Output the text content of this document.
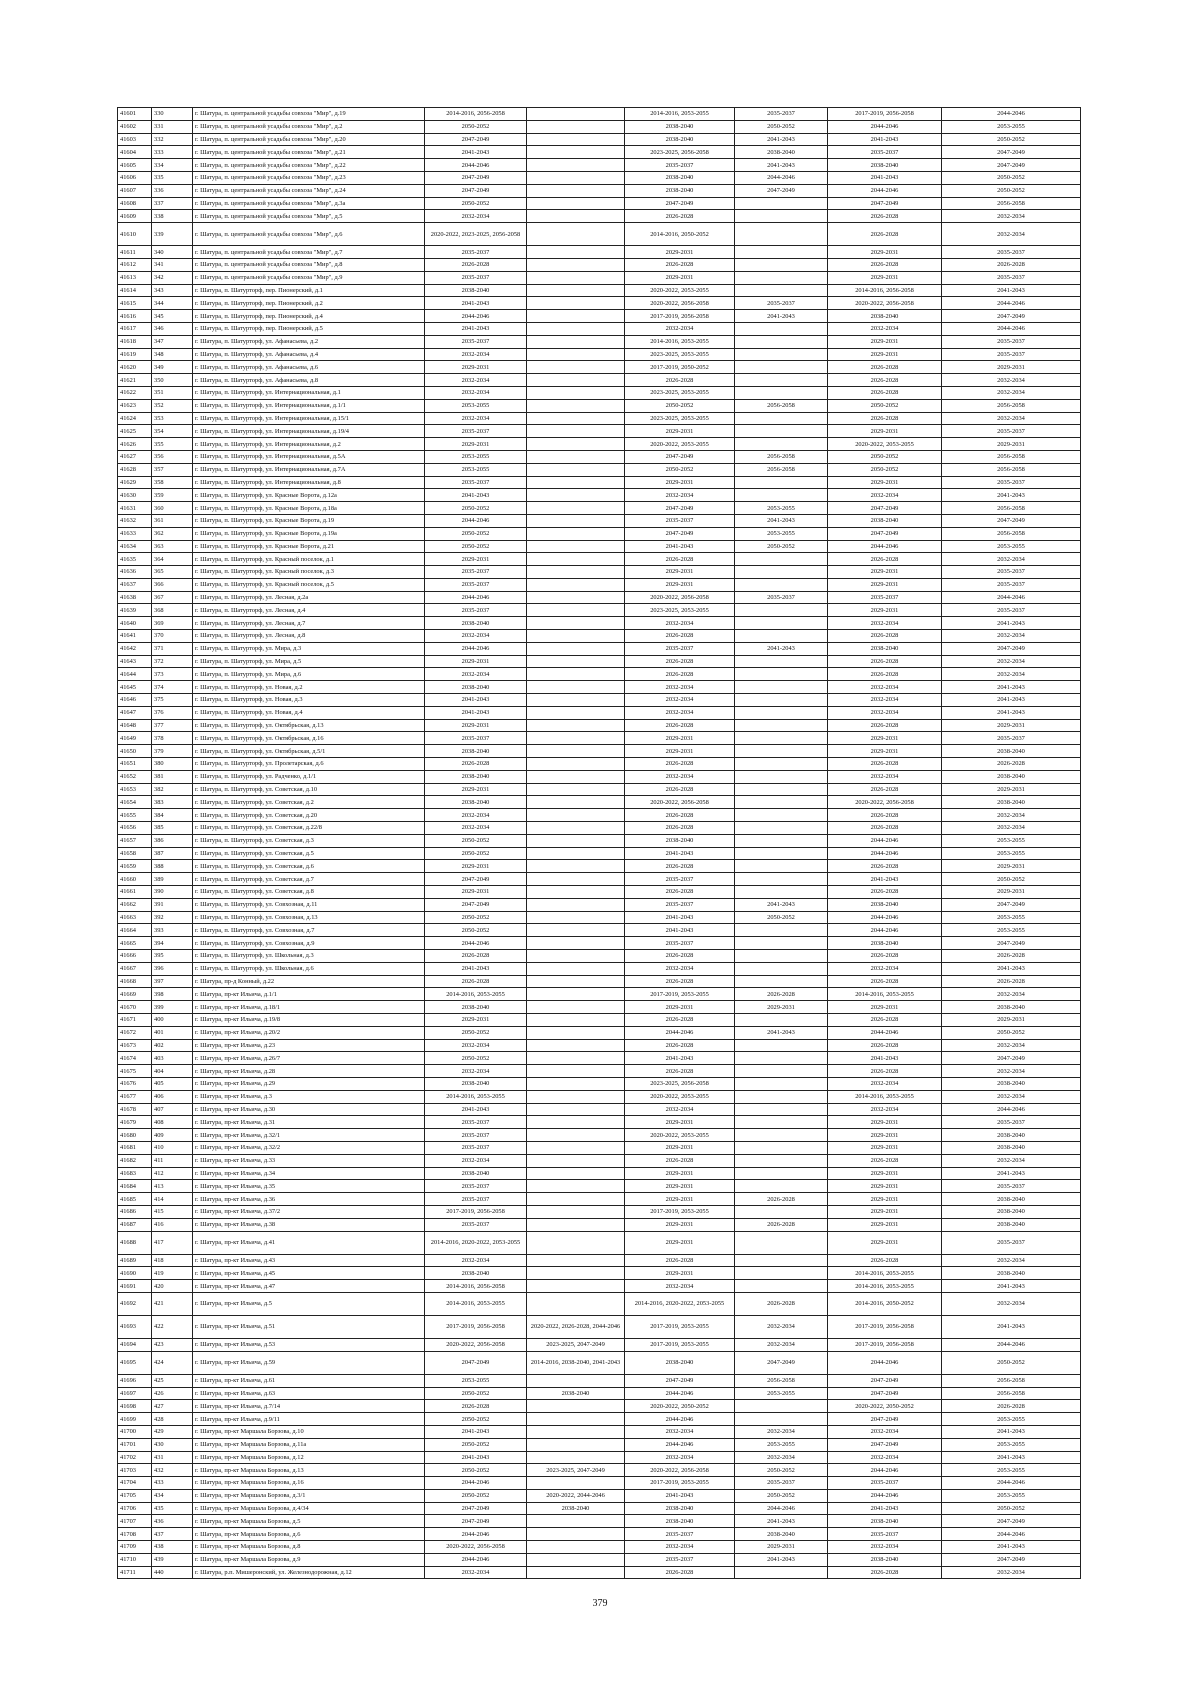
41601	330	г. Шатура, п. центральной усадьбы совхоза "Мир", д.19	2014-2016, 2056-2058		2014-2016, 2053-2055	2035-2037	2017-2019, 2056-2058	2044-2046
41602	331	г. Шатура, п. центральной усадьбы совхоза "Мир", д.2	2050-2052		2038-2040	2050-2052	2044-2046	2053-2055
41603	332	г. Шатура, п. центральной усадьбы совхоза "Мир", д.20	2047-2049		2038-2040	2041-2043	2041-2043	2050-2052
41604	333	г. Шатура, п. центральной усадьбы совхоза "Мир", д.21	2041-2043		2023-2025, 2056-2058	2038-2040	2035-2037	2047-2049
41605	334	г. Шатура, п. центральной усадьбы совхоза "Мир", д.22	2044-2046		2035-2037	2041-2043	2038-2040	2047-2049
41606	335	г. Шатура, п. центральной усадьбы совхоза "Мир", д.23	2047-2049		2038-2040	2044-2046	2041-2043	2050-2052
41607	336	г. Шатура, п. центральной усадьбы совхоза "Мир", д.24	2047-2049		2038-2040	2047-2049	2044-2046	2050-2052
41608	337	г. Шатура, п. центральной усадьбы совхоза "Мир", д.3а	2050-2052		2047-2049		2047-2049	2056-2058
41609	338	г. Шатура, п. центральной усадьбы совхоза "Мир", д.5	2032-2034		2026-2028		2026-2028	2032-2034
41610	339	г. Шатура, п. центральной усадьбы совхоза "Мир", д.6	2020-2022, 2023-2025, 2056-2058		2014-2016, 2050-2052		2026-2028	2032-2034
41611	340	г. Шатура, п. центральной усадьбы совхоза "Мир", д.7	2035-2037		2029-2031		2029-2031	2035-2037
41612	341	г. Шатура, п. центральной усадьбы совхоза "Мир", д.8	2026-2028		2026-2028		2026-2028	2026-2028
41613	342	г. Шатура, п. центральной усадьбы совхоза "Мир", д.9	2035-2037		2029-2031		2029-2031	2035-2037
41614	343	г. Шатура, п. Шатурторф, пер. Пионерский, д.1	2038-2040		2020-2022, 2053-2055		2014-2016, 2056-2058	2041-2043
41615	344	г. Шатура, п. Шатурторф, пер. Пионерский, д.2	2041-2043		2020-2022, 2056-2058	2035-2037	2020-2022, 2056-2058	2044-2046
41616	345	г. Шатура, п. Шатурторф, пер. Пионерский, д.4	2044-2046		2017-2019, 2056-2058	2041-2043	2038-2040	2047-2049
41617	346	г. Шатура, п. Шатурторф, пер. Пионерский, д.5	2041-2043		2032-2034		2032-2034	2044-2046
41618	347	г. Шатура, п. Шатурторф, ул. Афанасьева, д.2	2035-2037		2014-2016, 2053-2055		2029-2031	2035-2037
41619	348	г. Шатура, п. Шатурторф, ул. Афанасьева, д.4	2032-2034		2023-2025, 2053-2055		2029-2031	2035-2037
41620	349	г. Шатура, п. Шатурторф, ул. Афанасьева, д.6	2029-2031		2017-2019, 2050-2052		2026-2028	2029-2031
41621	350	г. Шатура, п. Шатурторф, ул. Афанасьева, д.8	2032-2034		2026-2028		2026-2028	2032-2034
41622	351	г. Шатура, п. Шатурторф, ул. Интернациональная, д.1	2032-2034		2023-2025, 2053-2055		2026-2028	2032-2034
41623	352	г. Шатура, п. Шатурторф, ул. Интернациональная, д.1/1	2053-2055		2050-2052	2056-2058	2050-2052	2056-2058
41624	353	г. Шатура, п. Шатурторф, ул. Интернациональная, д.15/1	2032-2034		2023-2025, 2053-2055		2026-2028	2032-2034
41625	354	г. Шатура, п. Шатурторф, ул. Интернациональная, д.19/4	2035-2037		2029-2031		2029-2031	2035-2037
41626	355	г. Шатура, п. Шатурторф, ул. Интернациональная, д.2	2029-2031		2020-2022, 2053-2055		2020-2022, 2053-2055	2029-2031
41627	356	г. Шатура, п. Шатурторф, ул. Интернациональная, д.5А	2053-2055		2047-2049	2056-2058	2050-2052	2056-2058
41628	357	г. Шатура, п. Шатурторф, ул. Интернациональная, д.7А	2053-2055		2050-2052	2056-2058	2050-2052	2056-2058
41629	358	г. Шатура, п. Шатурторф, ул. Интернациональная, д.8	2035-2037		2029-2031		2029-2031	2035-2037
41630	359	г. Шатура, п. Шатурторф, ул. Красные Ворота, д.12а	2041-2043		2032-2034		2032-2034	2041-2043
41631	360	г. Шатура, п. Шатурторф, ул. Красные Ворота, д.18а	2050-2052		2047-2049	2053-2055	2047-2049	2056-2058
41632	361	г. Шатура, п. Шатурторф, ул. Красные Ворота, д.19	2044-2046		2035-2037	2041-2043	2038-2040	2047-2049
41633	362	г. Шатура, п. Шатурторф, ул. Красные Ворота, д.19а	2050-2052		2047-2049	2053-2055	2047-2049	2056-2058
41634	363	г. Шатура, п. Шатурторф, ул. Красные Ворота, д.21	2050-2052		2041-2043	2050-2052	2044-2046	2053-2055
41635	364	г. Шатура, п. Шатурторф, ул. Красный поселок, д.1	2029-2031		2026-2028		2026-2028	2032-2034
41636	365	г. Шатура, п. Шатурторф, ул. Красный поселок, д.3	2035-2037		2029-2031		2029-2031	2035-2037
41637	366	г. Шатура, п. Шатурторф, ул. Красный поселок, д.5	2035-2037		2029-2031		2029-2031	2035-2037
41638	367	г. Шатура, п. Шатурторф, ул. Лесная, д.2а	2044-2046		2020-2022, 2056-2058	2035-2037	2035-2037	2044-2046
41639	368	г. Шатура, п. Шатурторф, ул. Лесная, д.4	2035-2037		2023-2025, 2053-2055		2029-2031	2035-2037
41640	369	г. Шатура, п. Шатурторф, ул. Лесная, д.7	2038-2040		2032-2034		2032-2034	2041-2043
41641	370	г. Шатура, п. Шатурторф, ул. Лесная, д.8	2032-2034		2026-2028		2026-2028	2032-2034
41642	371	г. Шатура, п. Шатурторф, ул. Мира, д.3	2044-2046		2035-2037	2041-2043	2038-2040	2047-2049
41643	372	г. Шатура, п. Шатурторф, ул. Мира, д.5	2029-2031		2026-2028		2026-2028	2032-2034
41644	373	г. Шатура, п. Шатурторф, ул. Мира, д.6	2032-2034		2026-2028		2026-2028	2032-2034
41645	374	г. Шатура, п. Шатурторф, ул. Новая, д.2	2038-2040		2032-2034		2032-2034	2041-2043
41646	375	г. Шатура, п. Шатурторф, ул. Новая, д.3	2041-2043		2032-2034		2032-2034	2041-2043
41647	376	г. Шатура, п. Шатурторф, ул. Новая, д.4	2041-2043		2032-2034		2032-2034	2041-2043
41648	377	г. Шатура, п. Шатурторф, ул. Октябрьская, д.13	2029-2031		2026-2028		2026-2028	2029-2031
41649	378	г. Шатура, п. Шатурторф, ул. Октябрьская, д.16	2035-2037		2029-2031		2029-2031	2035-2037
41650	379	г. Шатура, п. Шатурторф, ул. Октябрьская, д.5/1	2038-2040		2029-2031		2029-2031	2038-2040
41651	380	г. Шатура, п. Шатурторф, ул. Пролетарская, д.6	2026-2028		2026-2028		2026-2028	2026-2028
41652	381	г. Шатура, п. Шатурторф, ул. Радченко, д.1/1	2038-2040		2032-2034		2032-2034	2038-2040
41653	382	г. Шатура, п. Шатурторф, ул. Советская, д.10	2029-2031		2026-2028		2026-2028	2029-2031
41654	383	г. Шатура, п. Шатурторф, ул. Советская, д.2	2038-2040		2020-2022, 2056-2058		2020-2022, 2056-2058	2038-2040
41655	384	г. Шатура, п. Шатурторф, ул. Советская, д.20	2032-2034		2026-2028		2026-2028	2032-2034
41656	385	г. Шатура, п. Шатурторф, ул. Советская, д.22/8	2032-2034		2026-2028		2026-2028	2032-2034
41657	386	г. Шатура, п. Шатурторф, ул. Советская, д.3	2050-2052		2038-2040		2044-2046	2053-2055
41658	387	г. Шатура, п. Шатурторф, ул. Советская, д.5	2050-2052		2041-2043		2044-2046	2053-2055
41659	388	г. Шатура, п. Шатурторф, ул. Советская, д.6	2029-2031		2026-2028		2026-2028	2029-2031
41660	389	г. Шатура, п. Шатурторф, ул. Советская, д.7	2047-2049		2035-2037		2041-2043	2050-2052
41661	390	г. Шатура, п. Шатурторф, ул. Советская, д.8	2029-2031		2026-2028		2026-2028	2029-2031
41662	391	г. Шатура, п. Шатурторф, ул. Совхозная, д.11	2047-2049		2035-2037	2041-2043	2038-2040	2047-2049
41663	392	г. Шатура, п. Шатурторф, ул. Совхозная, д.13	2050-2052		2041-2043	2050-2052	2044-2046	2053-2055
41664	393	г. Шатура, п. Шатурторф, ул. Совхозная, д.7	2050-2052		2041-2043		2044-2046	2053-2055
41665	394	г. Шатура, п. Шатурторф, ул. Совхозная, д.9	2044-2046		2035-2037		2038-2040	2047-2049
41666	395	г. Шатура, п. Шатурторф, ул. Школьная, д.3	2026-2028		2026-2028		2026-2028	2026-2028
41667	396	г. Шатура, п. Шатурторф, ул. Школьная, д.6	2041-2043		2032-2034		2032-2034	2041-2043
41668	397	г. Шатура, пр-д Конный, д.22	2026-2028		2026-2028		2026-2028	2026-2028
41669	398	г. Шатура, пр-кт Ильича, д.1/1	2014-2016, 2053-2055		2017-2019, 2053-2055	2026-2028	2014-2016, 2053-2055	2032-2034
41670	399	г. Шатура, пр-кт Ильича, д.18/1	2038-2040		2029-2031	2029-2031	2029-2031	2038-2040
41671	400	г. Шатура, пр-кт Ильича, д.19/8	2029-2031		2026-2028		2026-2028	2029-2031
41672	401	г. Шатура, пр-кт Ильича, д.20/2	2050-2052		2044-2046	2041-2043	2044-2046	2050-2052
41673	402	г. Шатура, пр-кт Ильича, д.23	2032-2034		2026-2028		2026-2028	2032-2034
41674	403	г. Шатура, пр-кт Ильича, д.26/7	2050-2052		2041-2043		2041-2043	2047-2049
41675	404	г. Шатура, пр-кт Ильича, д.28	2032-2034		2026-2028		2026-2028	2032-2034
41676	405	г. Шатура, пр-кт Ильича, д.29	2038-2040		2023-2025, 2056-2058		2032-2034	2038-2040
41677	406	г. Шатура, пр-кт Ильича, д.3	2014-2016, 2053-2055		2020-2022, 2053-2055		2014-2016, 2053-2055	2032-2034
41678	407	г. Шатура, пр-кт Ильича, д.30	2041-2043		2032-2034		2032-2034	2044-2046
41679	408	г. Шатура, пр-кт Ильича, д.31	2035-2037		2029-2031		2029-2031	2035-2037
41680	409	г. Шатура, пр-кт Ильича, д.32/1	2035-2037		2020-2022, 2053-2055		2029-2031	2038-2040
41681	410	г. Шатура, пр-кт Ильича, д.32/2	2035-2037		2029-2031		2029-2031	2038-2040
41682	411	г. Шатура, пр-кт Ильича, д.33	2032-2034		2026-2028		2026-2028	2032-2034
41683	412	г. Шатура, пр-кт Ильича, д.34	2038-2040		2029-2031		2029-2031	2041-2043
41684	413	г. Шатура, пр-кт Ильича, д.35	2035-2037		2029-2031		2029-2031	2035-2037
41685	414	г. Шатура, пр-кт Ильича, д.36	2035-2037		2029-2031	2026-2028	2029-2031	2038-2040
41686	415	г. Шатура, пр-кт Ильича, д.37/2	2017-2019, 2056-2058		2017-2019, 2053-2055		2029-2031	2038-2040
41687	416	г. Шатура, пр-кт Ильича, д.38	2035-2037		2029-2031	2026-2028	2029-2031	2038-2040
41688	417	г. Шатура, пр-кт Ильича, д.41	2014-2016, 2020-2022, 2053-2055		2029-2031		2029-2031	2035-2037
41689	418	г. Шатура, пр-кт Ильича, д.43	2032-2034		2026-2028		2026-2028	2032-2034
41690	419	г. Шатура, пр-кт Ильича, д.45	2038-2040		2029-2031		2014-2016, 2053-2055	2038-2040
41691	420	г. Шатура, пр-кт Ильича, д.47	2014-2016, 2056-2058		2032-2034		2014-2016, 2053-2055	2041-2043
41692	421	г. Шатура, пр-кт Ильича, д.5	2014-2016, 2053-2055		2014-2016, 2020-2022, 2053-2055	2026-2028	2014-2016, 2050-2052	2032-2034
41693	422	г. Шатура, пр-кт Ильича, д.51	2017-2019, 2056-2058	2020-2022, 2026-2028, 2044-2046	2017-2019, 2053-2055	2032-2034	2017-2019, 2056-2058	2041-2043
41694	423	г. Шатура, пр-кт Ильича, д.53	2020-2022, 2056-2058	2023-2025, 2047-2049	2017-2019, 2053-2055	2032-2034	2017-2019, 2056-2058	2044-2046
41695	424	г. Шатура, пр-кт Ильича, д.59	2047-2049	2014-2016, 2038-2040, 2041-2043	2038-2040	2047-2049	2044-2046	2050-2052
41696	425	г. Шатура, пр-кт Ильича, д.61	2053-2055		2047-2049	2056-2058	2047-2049	2056-2058
41697	426	г. Шатура, пр-кт Ильича, д.63	2050-2052	2038-2040	2044-2046	2053-2055	2047-2049	2056-2058
41698	427	г. Шатура, пр-кт Ильича, д.7/14	2026-2028		2020-2022, 2050-2052		2020-2022, 2050-2052	2026-2028
41699	428	г. Шатура, пр-кт Ильича, д.9/11	2050-2052		2044-2046		2047-2049	2053-2055
41700	429	г. Шатура, пр-кт Маршала Борзова, д.10	2041-2043		2032-2034	2032-2034	2032-2034	2041-2043
41701	430	г. Шатура, пр-кт Маршала Борзова, д.11а	2050-2052		2044-2046	2053-2055	2047-2049	2053-2055
41702	431	г. Шатура, пр-кт Маршала Борзова, д.12	2041-2043		2032-2034	2032-2034	2032-2034	2041-2043
41703	432	г. Шатура, пр-кт Маршала Борзова, д.13	2050-2052	2023-2025, 2047-2049	2020-2022, 2056-2058	2050-2052	2044-2046	2053-2055
41704	433	г. Шатура, пр-кт Маршала Борзова, д.16	2044-2046		2017-2019, 2053-2055	2035-2037	2035-2037	2044-2046
41705	434	г. Шатура, пр-кт Маршала Борзова, д.3/1	2050-2052	2020-2022, 2044-2046	2041-2043	2050-2052	2044-2046	2053-2055
41706	435	г. Шатура, пр-кт Маршала Борзова, д.4/34	2047-2049	2038-2040	2038-2040	2044-2046	2041-2043	2050-2052
41707	436	г. Шатура, пр-кт Маршала Борзова, д.5	2047-2049		2038-2040	2041-2043	2038-2040	2047-2049
41708	437	г. Шатура, пр-кт Маршала Борзова, д.6	2044-2046		2035-2037	2038-2040	2035-2037	2044-2046
41709	438	г. Шатура, пр-кт Маршала Борзова, д.8	2020-2022, 2056-2058		2032-2034	2029-2031	2032-2034	2041-2043
41710	439	г. Шатура, пр-кт Маршала Борзова, д.9	2044-2046		2035-2037	2041-2043	2038-2040	2047-2049
41711	440	г. Шатура, р.п. Мишеронский, ул. Железнодорожная, д.12	2032-2034		2026-2028		2026-2028	2032-2034
379
